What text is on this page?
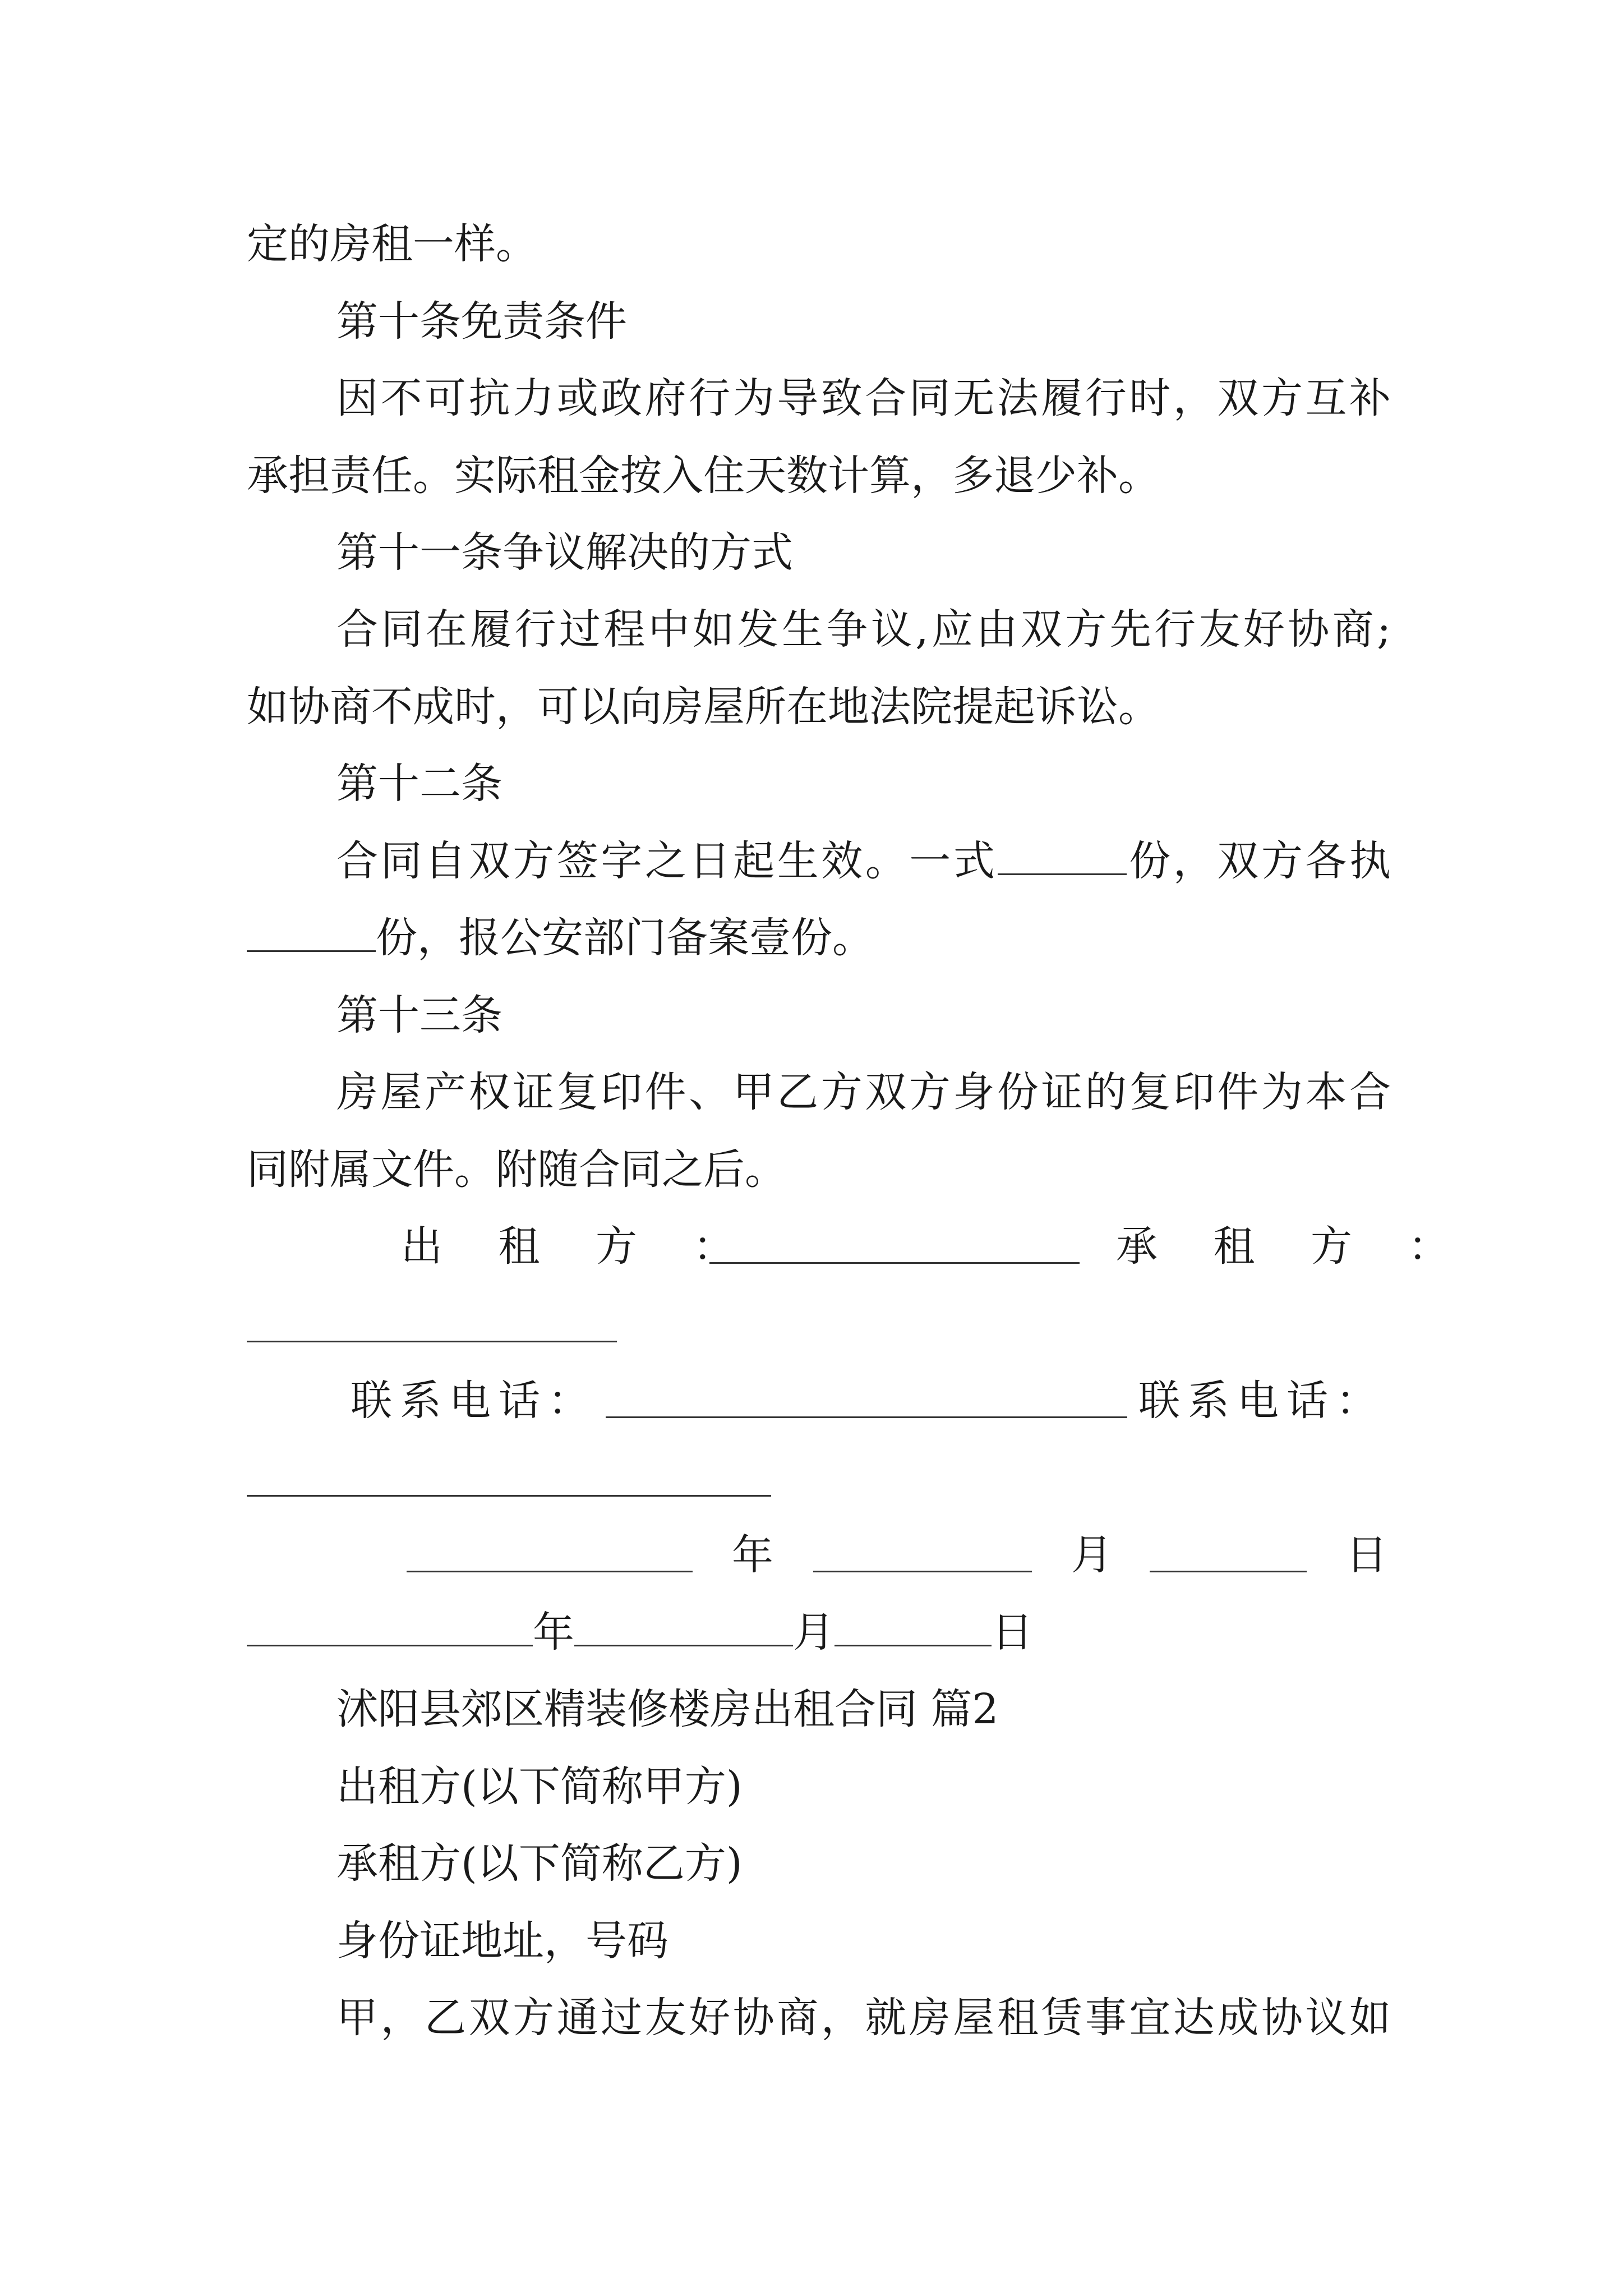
定的房租一样。
第十条免责条件
因不可抗力或政府行为导致合同无法履行时，双方互补
承担责任。实际租金按入住天数计算，多退少补。
第十一条争议解决的方式
合同在履行过程中如发生争议,应由双方先行友好协商;
如协商不成时，可以向房屋所在地法院提起诉讼。
第十二条
合同自双方签字之日起生效。一式	份，双方各执
份，报公安部门备案壹份。
第十三条
房屋产权证复印件、甲乙方双方身份证的复印件为本合
同附属文件。附随合同之后。
出 租 方 ：	承 租 方 ：
联系电话：	联系电话：
年	月	日
年	月	日
沭阳县郊区精装修楼房出租合同 篇2
出租方(以下简称甲方)
承租方(以下简称乙方)
身份证地址，号码
甲，乙双方通过友好协商，就房屋租赁事宜达成协议如
